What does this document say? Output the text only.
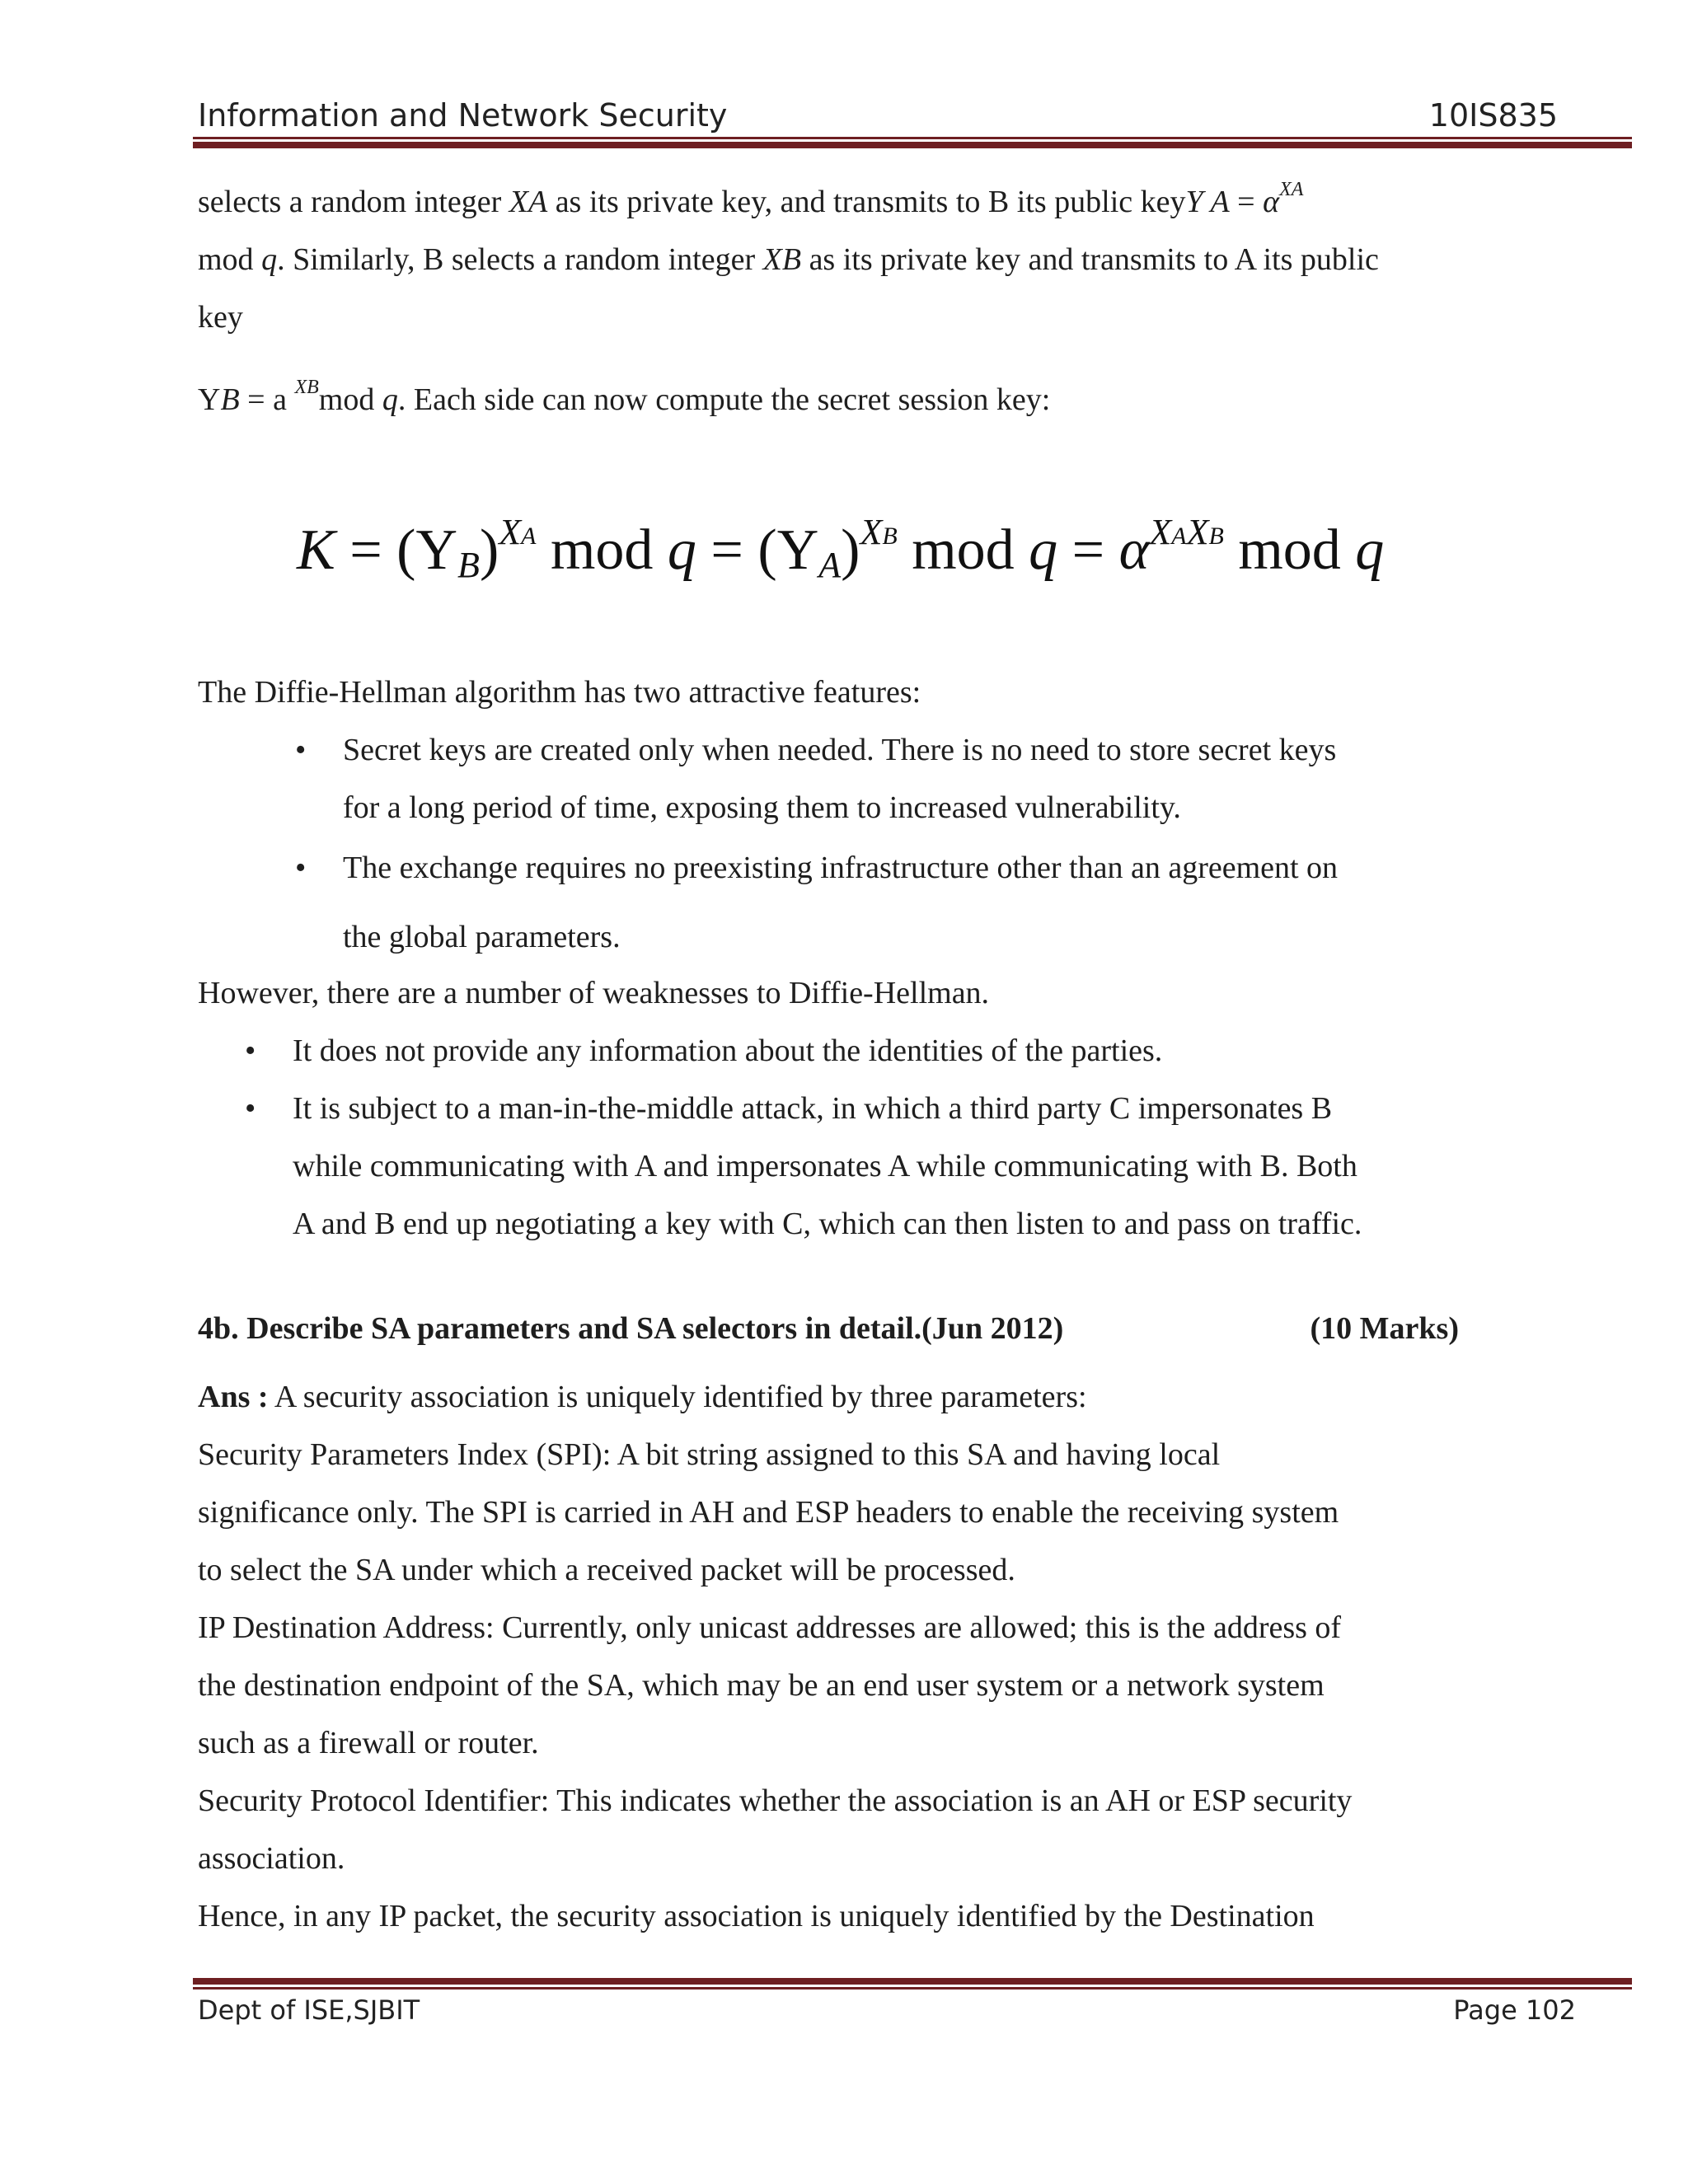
Information and Network Security	10IS835
selects a random integer XA as its private key, and transmits to B its public keyY $A = \alpha^{XA}$
mod q. Similarly, B selects a random integer XB as its private key and transmits to A its public
key
YB = a $^{XB}$mod q. Each side can now compute the secret session key:
K = (YB)$^{XA}$ mod q = (YA)$^{XB}$ mod $q = \alpha^{XAXB}$ mod q
The Diffie-Hellman algorithm has two attractive features:
• Secret keys are created only when needed. There is no need to store secret keys
for a long period of time, exposing them to increased vulnerability.
• The exchange requires no preexisting infrastructure other than an agreement on
the global parameters.
However, there are a number of weaknesses to Diffie-Hellman.
• It does not provide any information about the identities of the parties.
• It is subject to a man-in-the-middle attack, in which a third party C impersonates B
while communicating with A and impersonates A while communicating with B. Both
A and B end up negotiating a key with C, which can then listen to and pass on traffic.
4b. Describe SA parameters and SA selectors in detail.(Jun 2012)	(10 Marks)
Ans : A security association is uniquely identified by three parameters:
Security Parameters Index (SPI): A bit string assigned to this SA and having local
significance only. The SPI is carried in AH and ESP headers to enable the receiving system
to select the SA under which a received packet will be processed.
IP Destination Address: Currently, only unicast addresses are allowed; this is the address of
the destination endpoint of the SA, which may be an end user system or a network system
such as a firewall or router.
Security Protocol Identifier: This indicates whether the association is an AH or ESP security
association.
Hence, in any IP packet, the security association is uniquely identified by the Destination
Dept of ISE,SJBIT	Page 102
